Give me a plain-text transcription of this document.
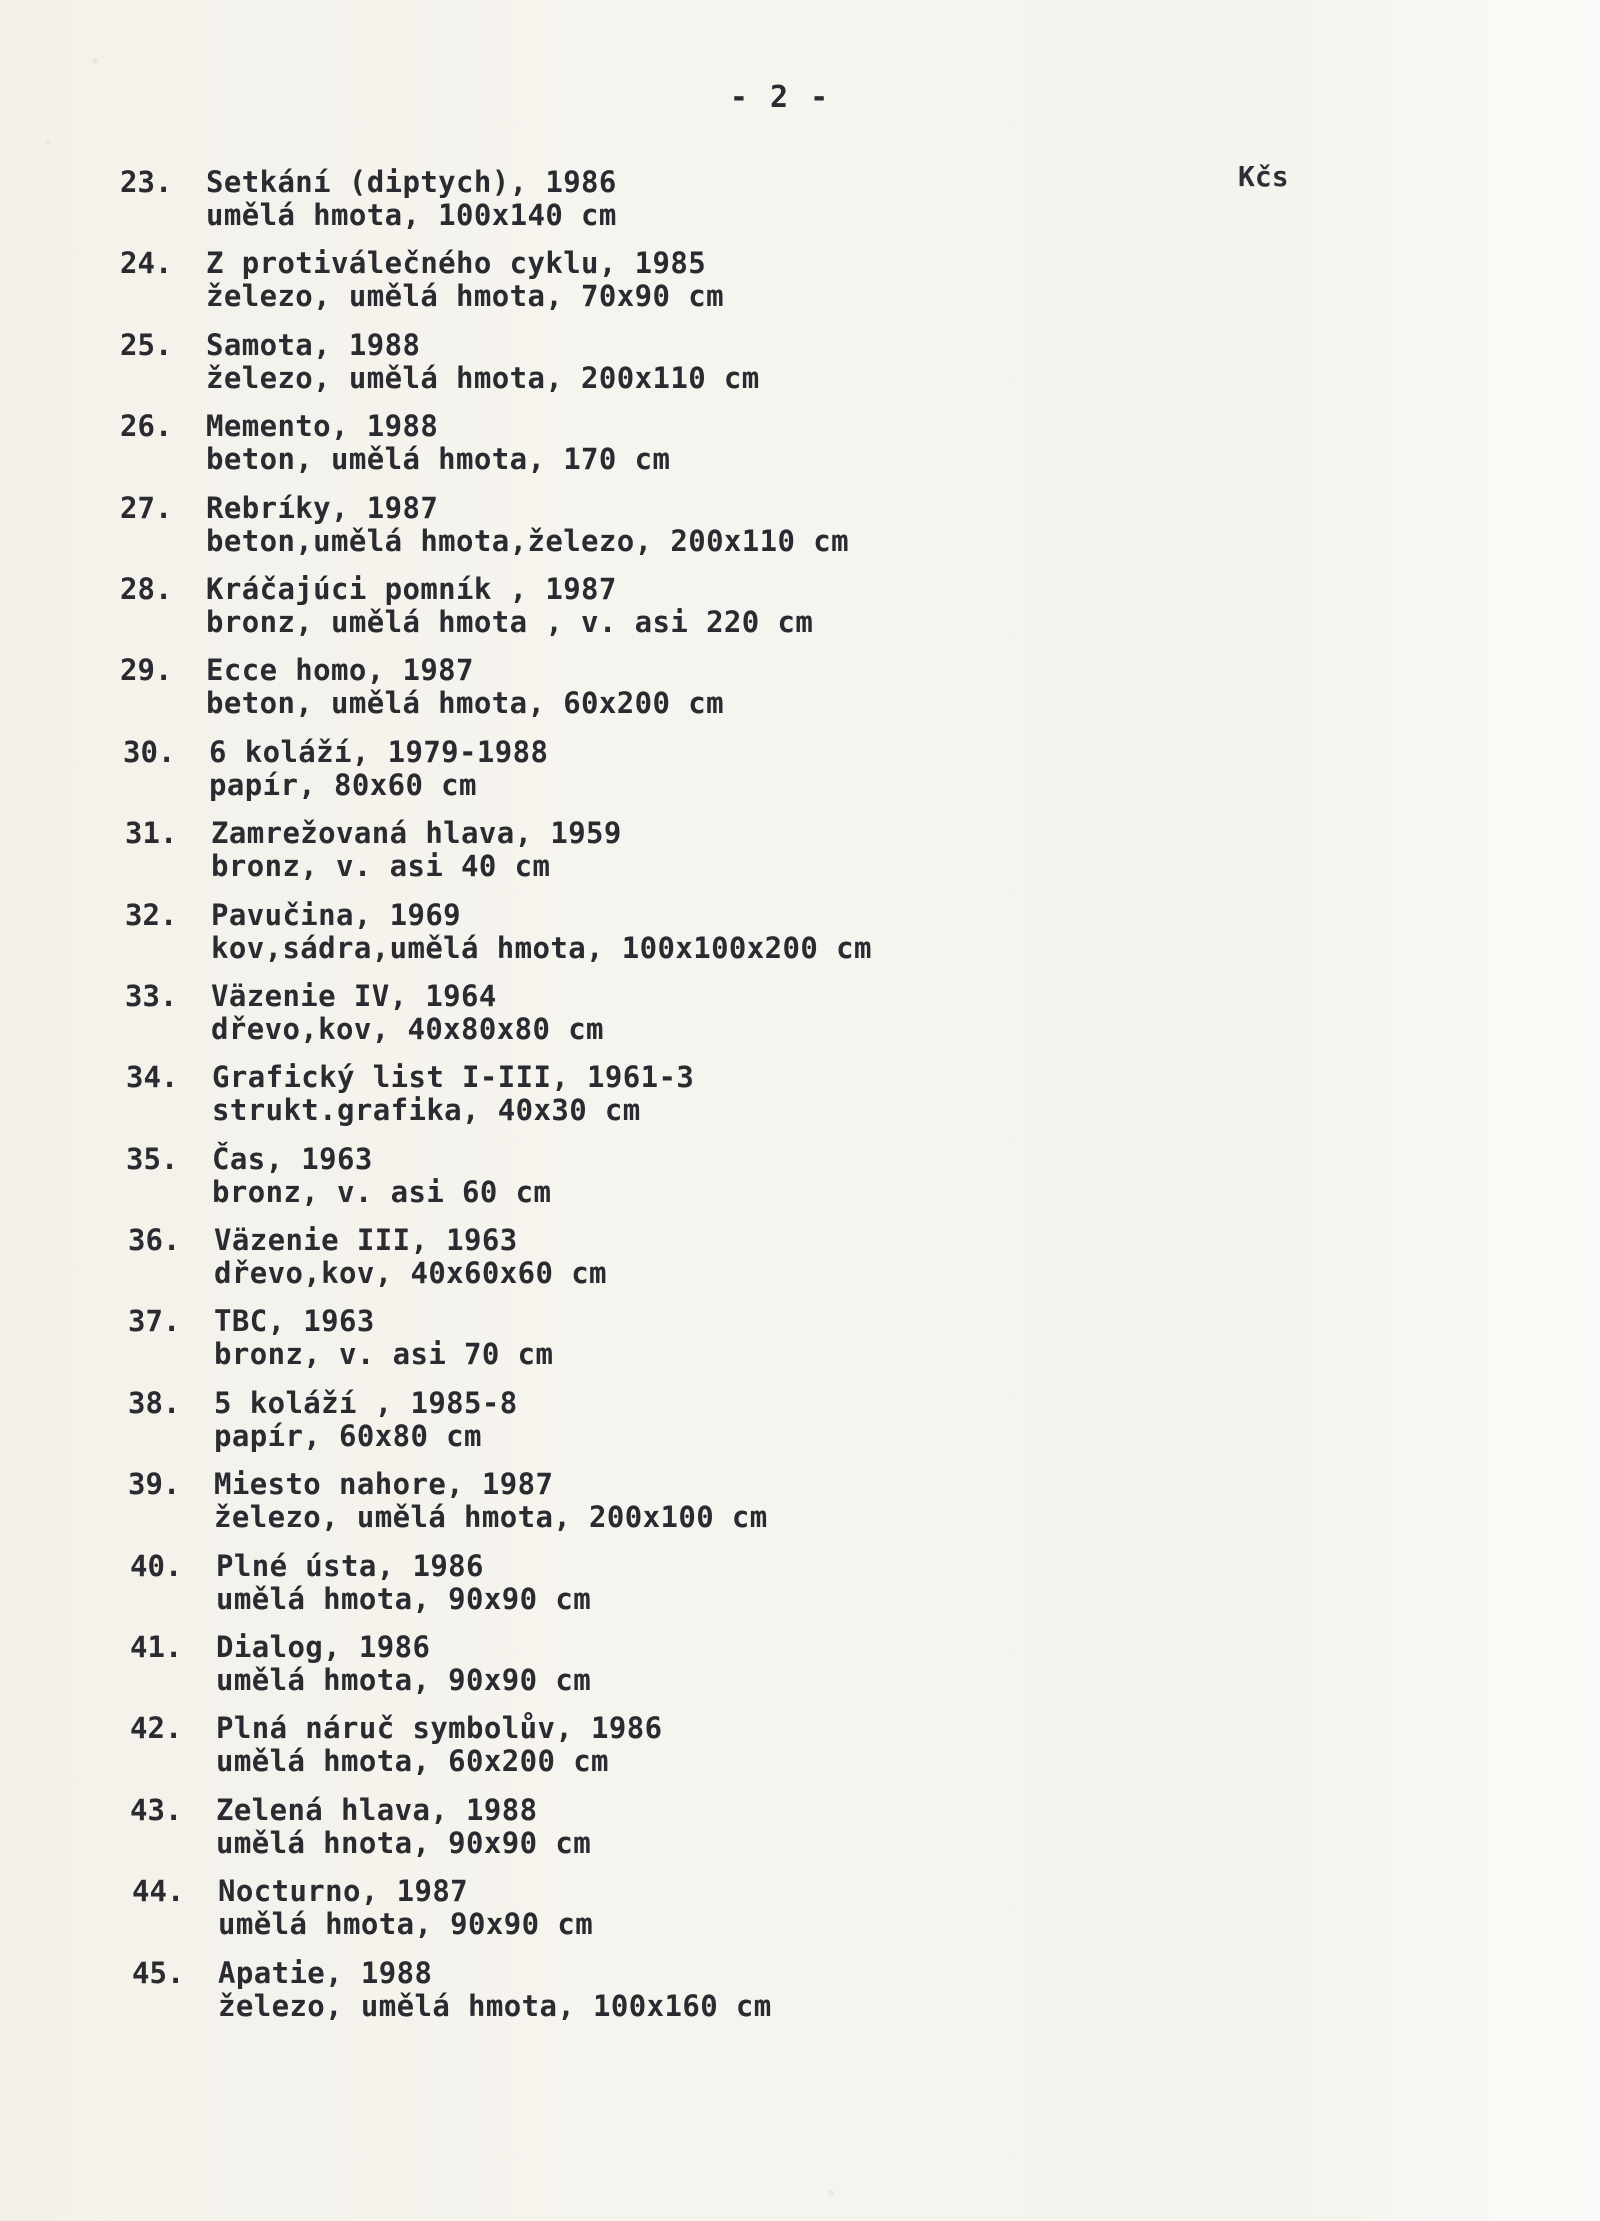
- 2 -
Kčs
23.	Setkání (diptych), 1986
umělá hmota, 100x140 cm
24.	Z protiválečného cyklu, 1985
železo, umělá hmota, 70x90 cm
25.	Samota, 1988
železo, umělá hmota, 200x110 cm
26.	Memento, 1988
beton, umělá hmota, 170 cm
27.	Rebríky, 1987
beton,umělá hmota,železo, 200x110 cm
28.	Kráčajúci pomník , 1987
bronz, umělá hmota , v. asi 220 cm
29.	Ecce homo, 1987
beton, umělá hmota, 60x200 cm
30.	6 koláží, 1979-1988
papír, 80x60 cm
31.	Zamrežovaná hlava, 1959
bronz, v. asi 40 cm
32.	Pavučina, 1969
kov,sádra,umělá hmota, 100x100x200 cm
33.	Väzenie IV, 1964
dřevo,kov, 40x80x80 cm
34.	Grafický list I-III, 1961-3
strukt.grafika, 40x30 cm
35.	Čas, 1963
bronz, v. asi 60 cm
36.	Väzenie III, 1963
dřevo,kov, 40x60x60 cm
37.	TBC, 1963
bronz, v. asi 70 cm
38.	5 koláží , 1985-8
papír, 60x80 cm
39.	Miesto nahore, 1987
železo, umělá hmota, 200x100 cm
40.	Plné ústa, 1986
umělá hmota, 90x90 cm
41.	Dialog, 1986
umělá hmota, 90x90 cm
42.	Plná náruč symbolův, 1986
umělá hmota, 60x200 cm
43.	Zelená hlava, 1988
umělá hnota, 90x90 cm
44.	Nocturno, 1987
umělá hmota, 90x90 cm
45.	Apatie, 1988
železo, umělá hmota, 100x160 cm
